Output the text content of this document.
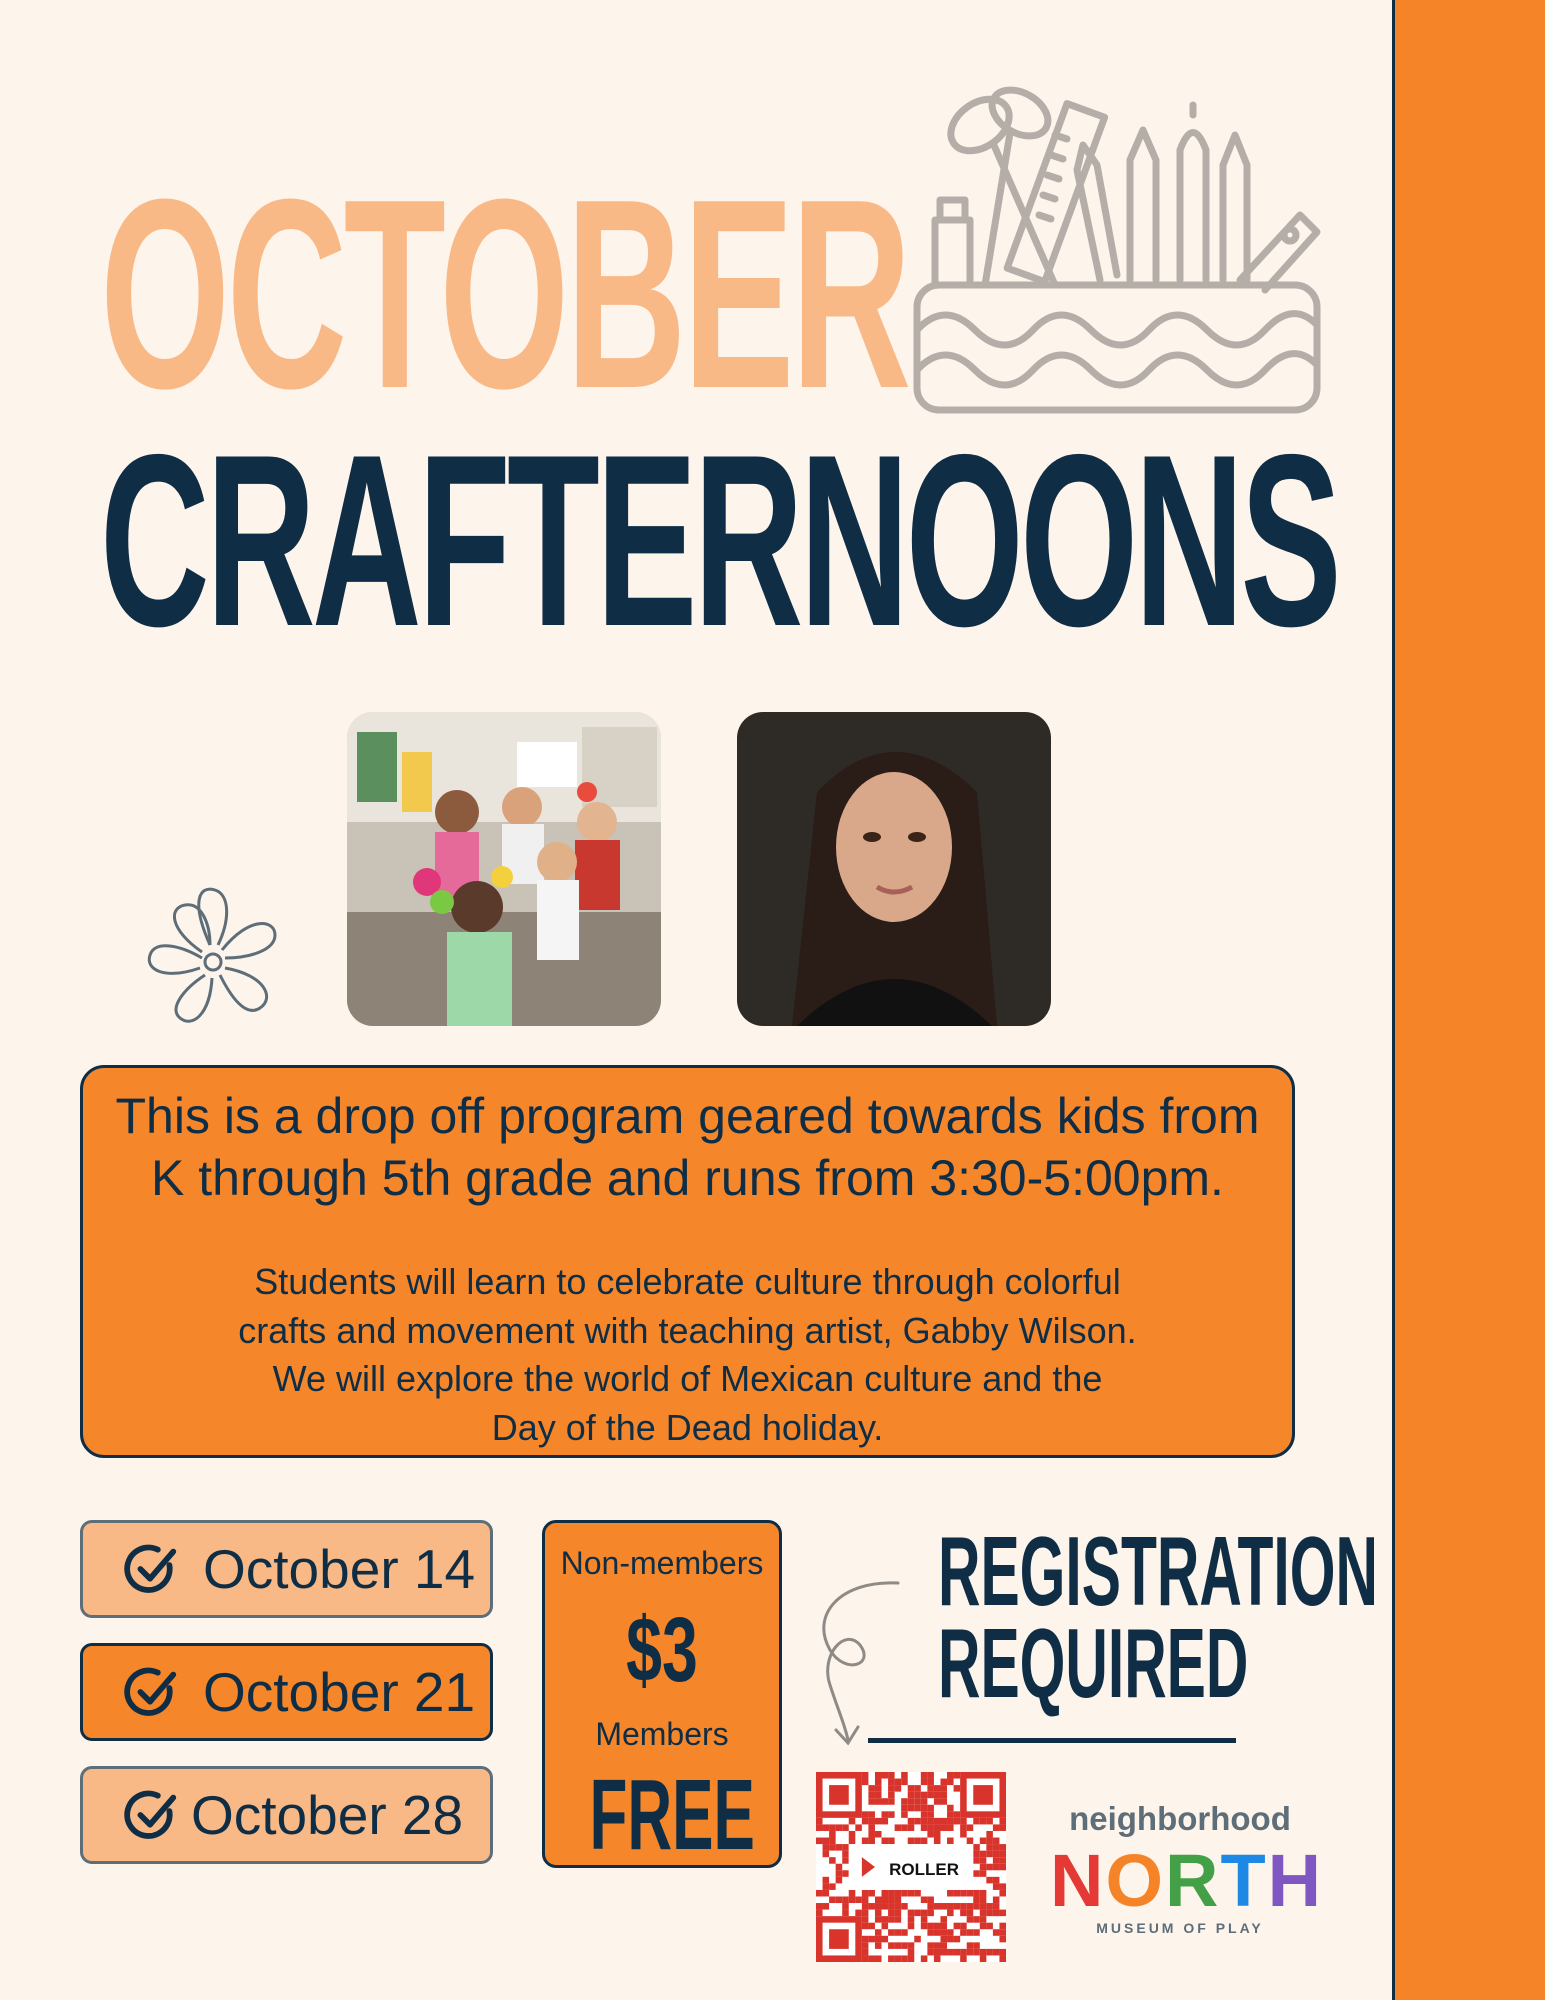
OCTOBER
CRAFTERNOONS
This is a drop off program geared towards kids from
K through 5th grade and runs from 3:30-5:00pm.
Students will learn to celebrate culture through colorful
crafts and movement with teaching artist, Gabby Wilson.
We will explore the world of Mexican culture and the
Day of the Dead holiday.
October 14
October 21
October 28
Non-members
$3
Members
FREE
REGISTRATION
REQUIRED
ROLLER
neighborhood
NORTH
MUSEUM OF PLAY
